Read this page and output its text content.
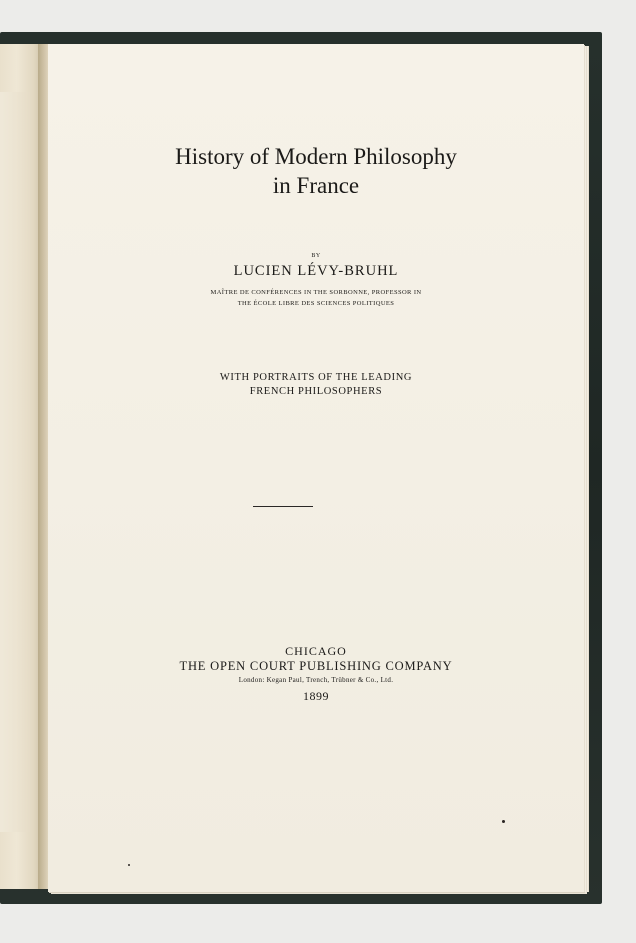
History of Modern Philosophy
in France
BY
LUCIEN LÉVY-BRUHL
MAÎTRE DE CONFÉRENCES IN THE SORBONNE, PROFESSOR IN
THE ÉCOLE LIBRE DES SCIENCES POLITIQUES
WITH PORTRAITS OF THE LEADING
FRENCH PHILOSOPHERS
CHICAGO
THE OPEN COURT PUBLISHING COMPANY
London: Kegan Paul, Trench, Trübner & Co., Ltd.
1899
